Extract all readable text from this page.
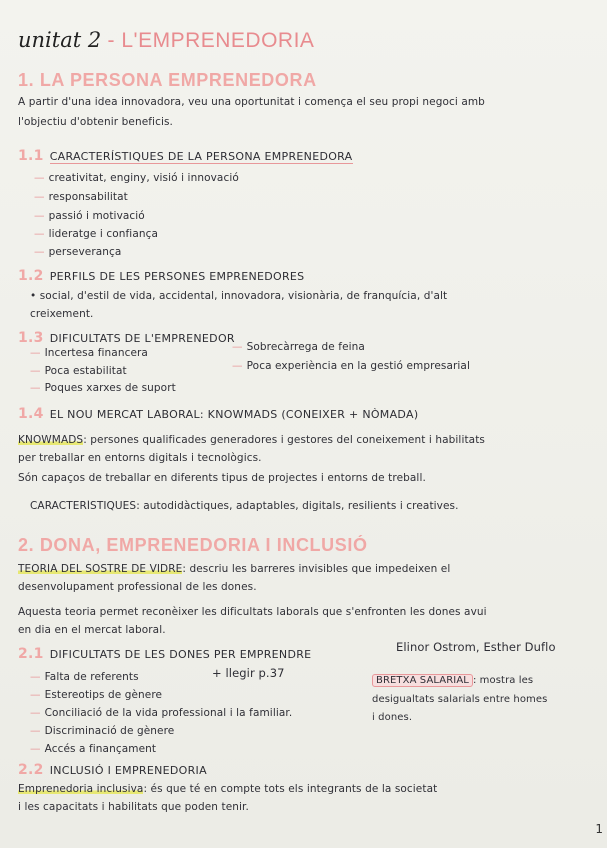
unitat 2 - L'EMPRENEDORIA
1. LA PERSONA EMPRENEDORA
A partir d'una idea innovadora, veu una oportunitat i comença el seu propi negoci amb
l'objectiu d'obtenir beneficis.
1.1 CARACTERÍSTIQUES DE LA PERSONA EMPRENEDORA
— creativitat, enginy, visió i innovació
— responsabilitat
— passió i motivació
— lideratge i confiança
— perseverança
1.2 PERFILS DE LES PERSONES EMPRENEDORES
• social, d'estil de vida, accidental, innovadora, visionària, de franquícia, d'alt
creixement.
1.3 DIFICULTATS DE L'EMPRENEDOR
— Incertesa financera
— Poca estabilitat
— Poques xarxes de suport
— Sobrecàrrega de feina
— Poca experiència en la gestió empresarial
1.4 EL NOU MERCAT LABORAL: KNOWMADS (CONEIXER + NÒMADA)
KNOWMADS: persones qualificades generadores i gestores del coneixement i habilitats
per treballar en entorns digitals i tecnològics.
Són capaços de treballar en diferents tipus de projectes i entorns de treball.
CARACTERÍSTIQUES: autodidàctiques, adaptables, digitals, resilients i creatives.
2. DONA, EMPRENEDORIA I INCLUSIÓ
TEORIA DEL SOSTRE DE VIDRE: descriu les barreres invisibles que impedeixen el
desenvolupament professional de les dones.
Aquesta teoria permet reconèixer les dificultats laborals que s'enfronten les dones avui
en dia en el mercat laboral.
2.1 DIFICULTATS DE LES DONES PER EMPRENDRE
Elinor Ostrom, Esther Duflo
+ llegir p.37
— Falta de referents
— Estereotips de gènere
— Conciliació de la vida professional i la familiar.
— Discriminació de gènere
— Accés a finançament
BRETXA SALARIAL : mostra les
desigualtats salarials entre homes
i dones.
2.2 INCLUSIÓ I EMPRENEDORIA
Emprenedoria inclusiva: és que té en compte tots els integrants de la societat
i les capacitats i habilitats que poden tenir.
1
